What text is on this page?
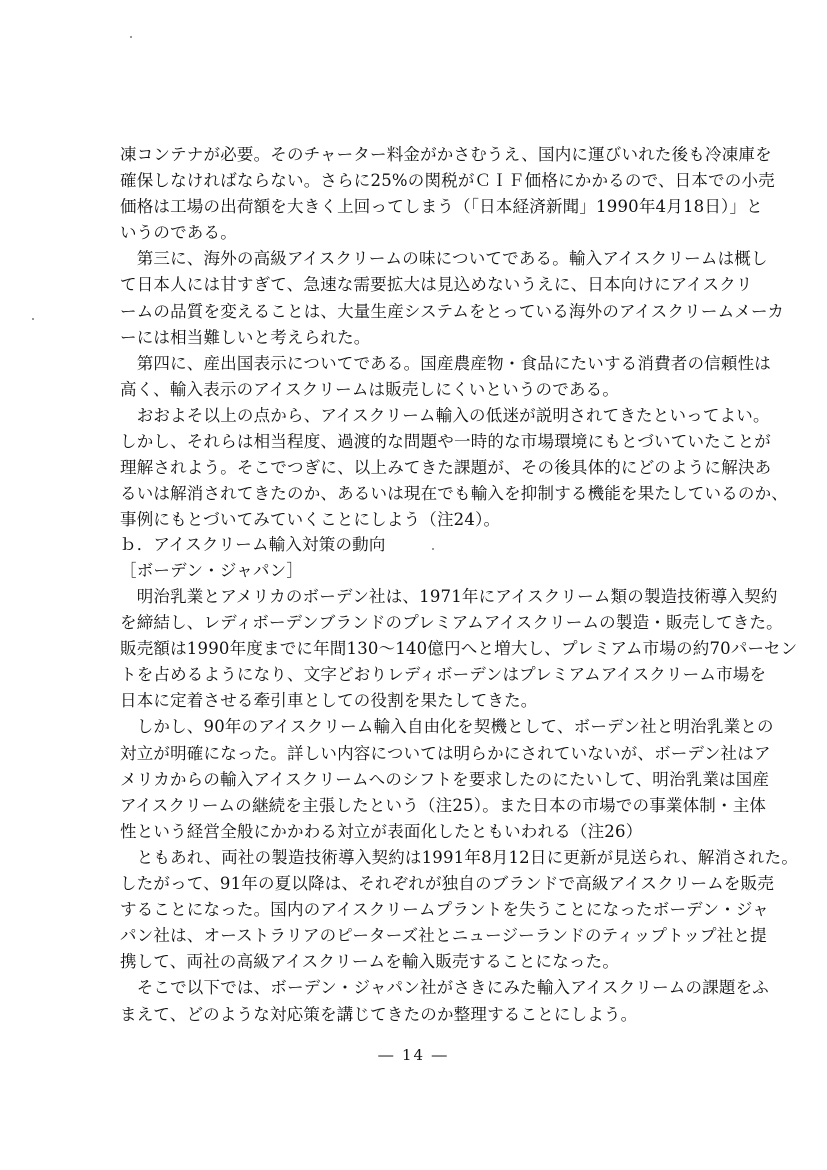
凍コンテナが必要。そのチャーター料金がかさむうえ、国内に運びいれた後も冷凍庫を
確保しなければならない。さらに25%の関税がＣＩＦ価格にかかるので、日本での小売
価格は工場の出荷額を大きく上回ってしまう（「日本経済新聞」1990年4月18日）」と
いうのである。
　第三に、海外の高級アイスクリームの味についてである。輸入アイスクリームは概し
て日本人には甘すぎて、急速な需要拡大は見込めないうえに、日本向けにアイスクリ
ームの品質を変えることは、大量生産システムをとっている海外のアイスクリームメーカ
ーには相当難しいと考えられた。
　第四に、産出国表示についてである。国産農産物・食品にたいする消費者の信頼性は
高く、輸入表示のアイスクリームは販売しにくいというのである。
　おおよそ以上の点から、アイスクリーム輸入の低迷が説明されてきたといってよい。
しかし、それらは相当程度、過渡的な問題や一時的な市場環境にもとづいていたことが
理解されよう。そこでつぎに、以上みてきた課題が、その後具体的にどのように解決あ
るいは解消されてきたのか、あるいは現在でも輸入を抑制する機能を果たしているのか、
事例にもとづいてみていくことにしよう（注24）。
ｂ．アイスクリーム輸入対策の動向
［ボーデン・ジャパン］
　明治乳業とアメリカのボーデン社は、1971年にアイスクリーム類の製造技術導入契約
を締結し、レディボーデンブランドのプレミアムアイスクリームの製造・販売してきた。
販売額は1990年度までに年間130～140億円へと増大し、プレミアム市場の約70パーセン
トを占めるようになり、文字どおりレディボーデンはプレミアムアイスクリーム市場を
日本に定着させる牽引車としての役割を果たしてきた。
　しかし、90年のアイスクリーム輸入自由化を契機として、ボーデン社と明治乳業との
対立が明確になった。詳しい内容については明らかにされていないが、ボーデン社はア
メリカからの輸入アイスクリームへのシフトを要求したのにたいして、明治乳業は国産
アイスクリームの継続を主張したという（注25）。また日本の市場での事業体制・主体
性という経営全般にかかわる対立が表面化したともいわれる（注26）
　ともあれ、両社の製造技術導入契約は1991年8月12日に更新が見送られ、解消された。
したがって、91年の夏以降は、それぞれが独自のブランドで高級アイスクリームを販売
することになった。国内のアイスクリームプラントを失うことになったボーデン・ジャ
パン社は、オーストラリアのピーターズ社とニュージーランドのティップトップ社と提
携して、両社の高級アイスクリームを輸入販売することになった。
　そこで以下では、ボーデン・ジャパン社がさきにみた輸入アイスクリームの課題をふ
まえて、どのような対応策を講じてきたのか整理することにしよう。
― 14 ―
